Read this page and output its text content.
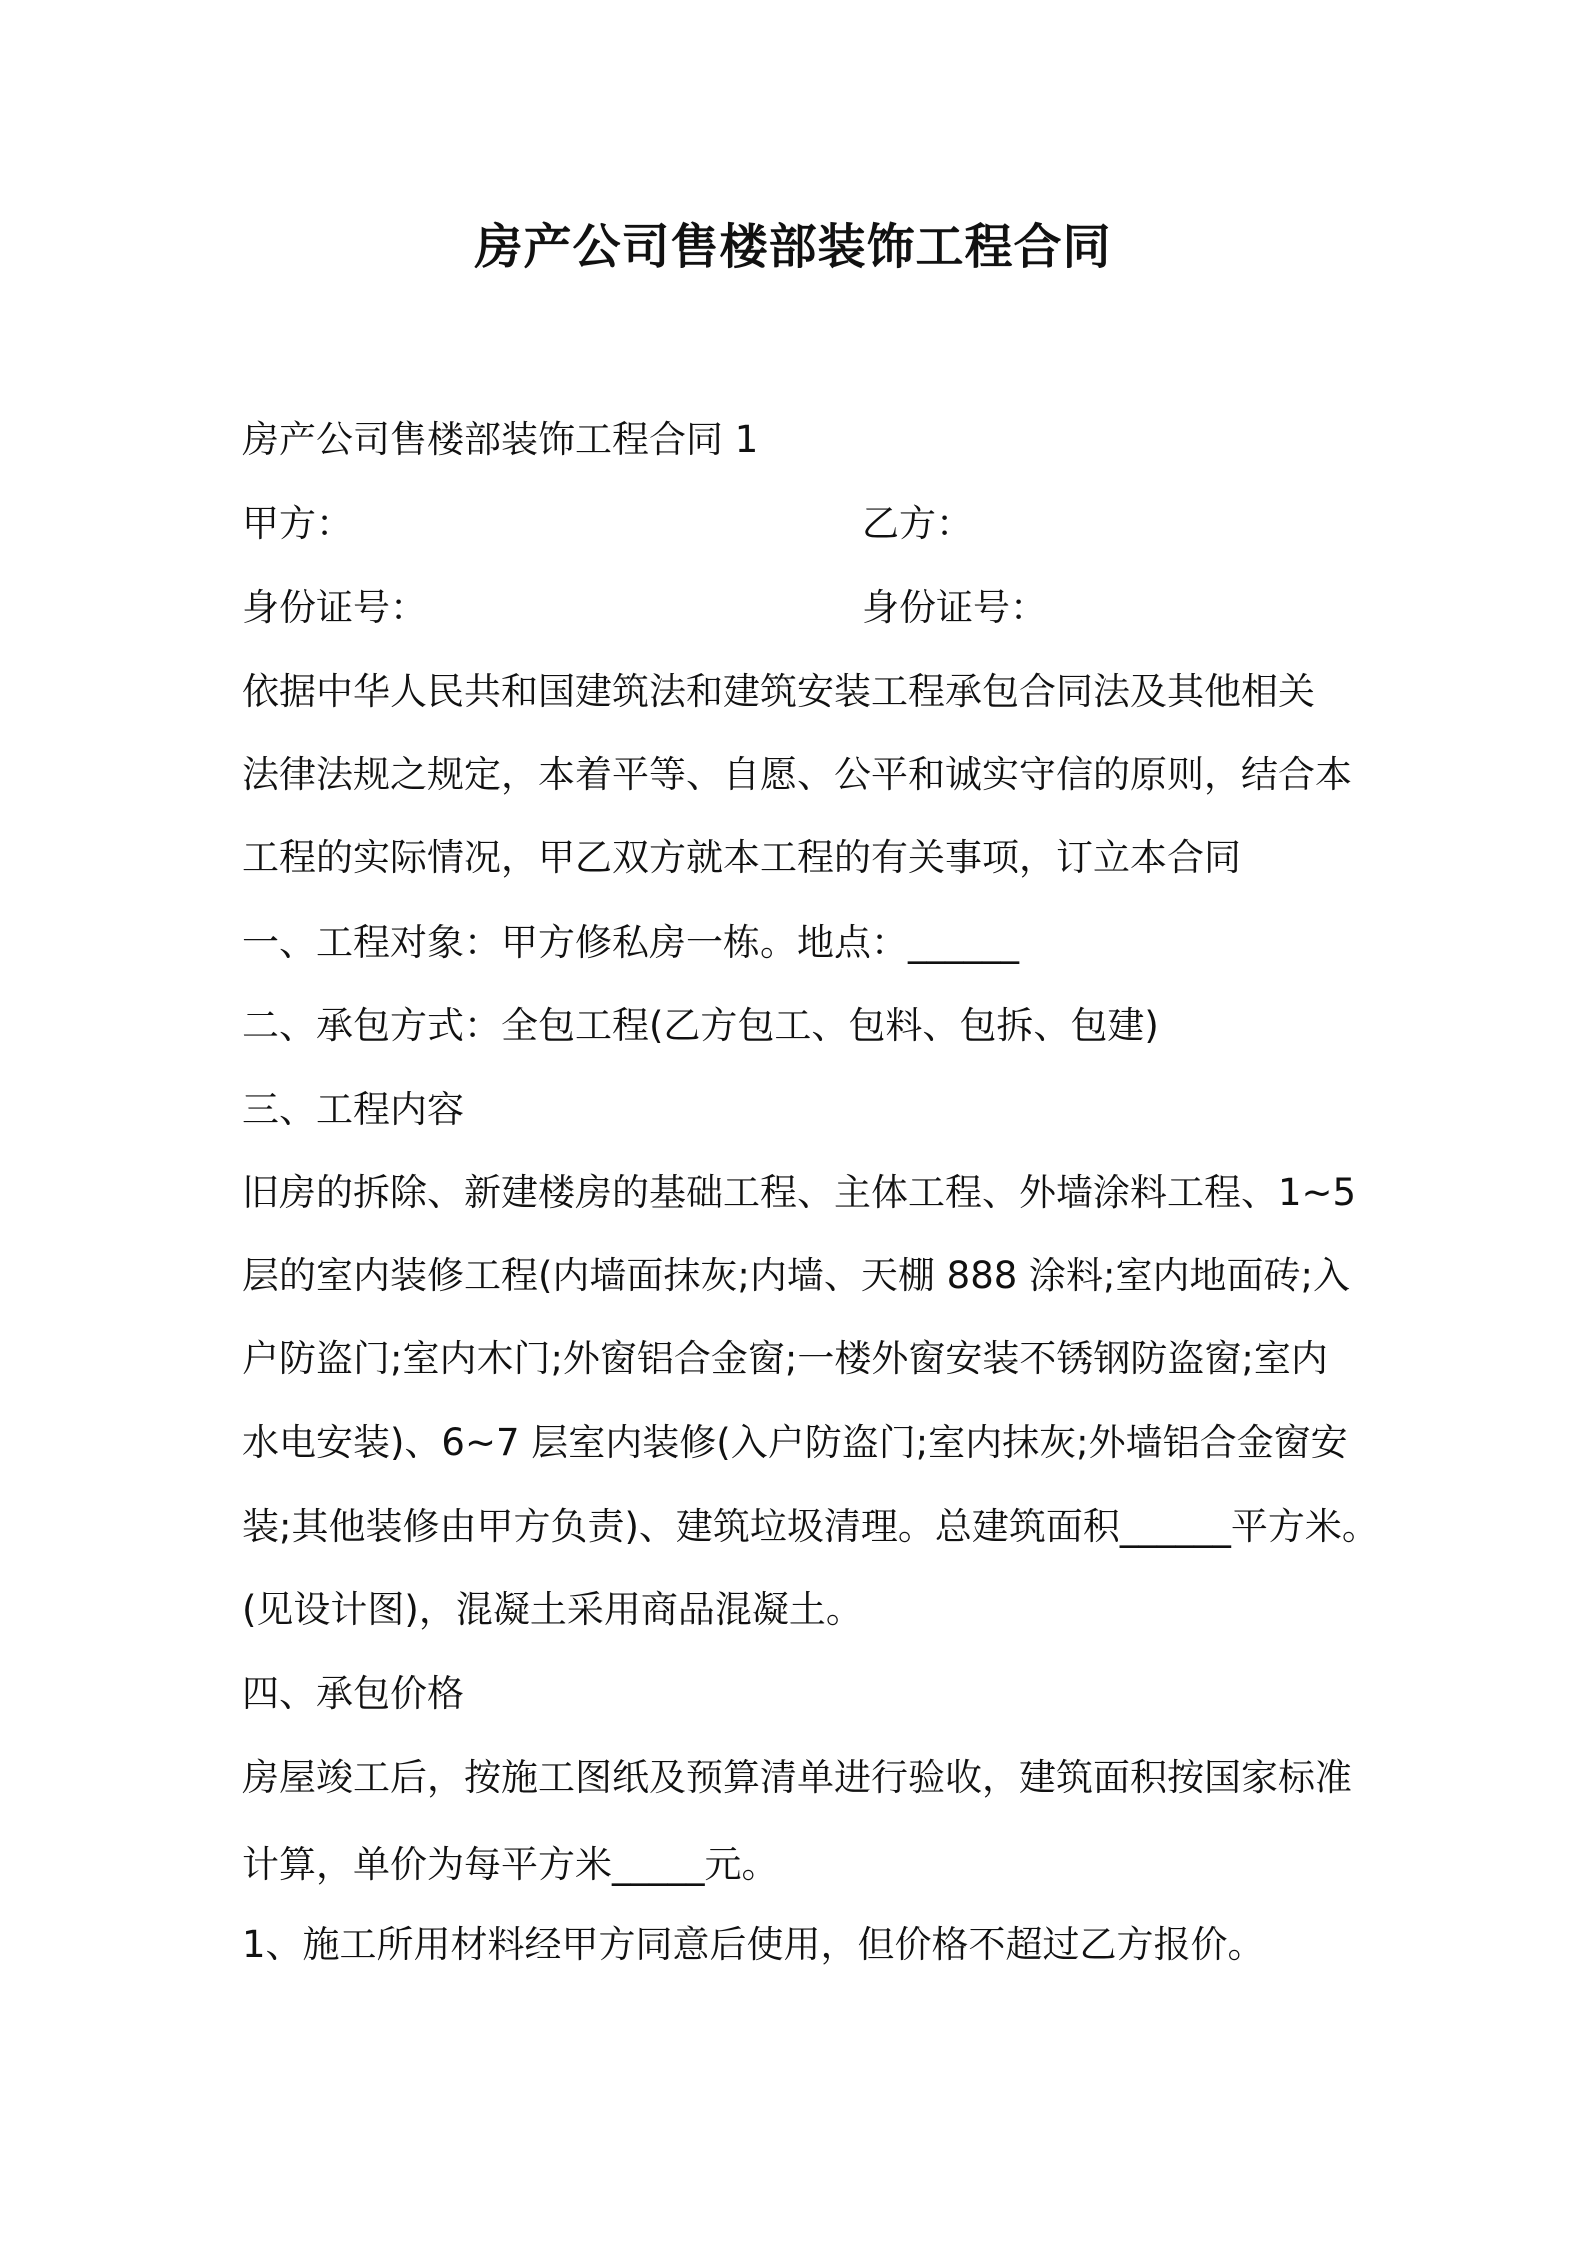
房产公司售楼部装饰工程合同

房产公司售楼部装饰工程合同 1

甲方：	乙方：

身份证号：	身份证号：

依据中华人民共和国建筑法和建筑安装工程承包合同法及其他相关

法律法规之规定，本着平等、自愿、公平和诚实守信的原则，结合本

工程的实际情况，甲乙双方就本工程的有关事项，订立本合同

一、工程对象：甲方修私房一栋。地点：______

二、承包方式：全包工程(乙方包工、包料、包拆、包建)

三、工程内容

旧房的拆除、新建楼房的基础工程、主体工程、外墙涂料工程、1~5

层的室内装修工程(内墙面抹灰;内墙、天棚 888 涂料;室内地面砖;入

户防盗门;室内木门;外窗铝合金窗;一楼外窗安装不锈钢防盗窗;室内

水电安装)、6~7 层室内装修(入户防盗门;室内抹灰;外墙铝合金窗安

装;其他装修由甲方负责)、建筑垃圾清理。总建筑面积______平方米。

(见设计图)，混凝土采用商品混凝土。

四、承包价格

房屋竣工后，按施工图纸及预算清单进行验收，建筑面积按国家标准

计算，单价为每平方米_____元。

1、施工所用材料经甲方同意后使用，但价格不超过乙方报价。
